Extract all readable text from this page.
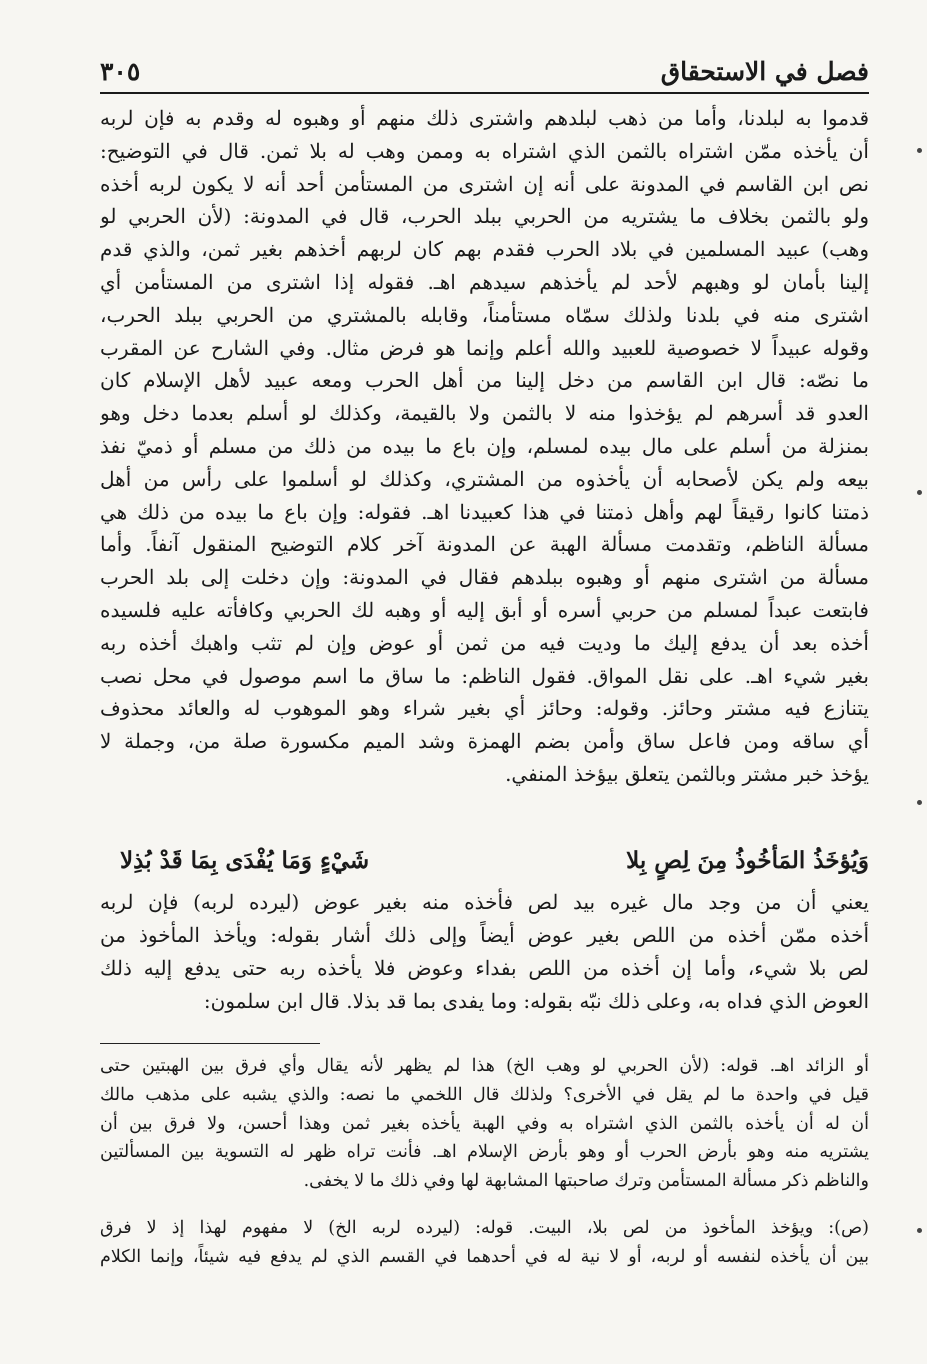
فصل في الاستحقاق
٣٠٥
قدموا به لبلدنا، وأما من ذهب لبلدهم واشترى ذلك منهم أو وهبوه له وقدم به فإن لربه
أن يأخذه ممّن اشتراه بالثمن الذي اشتراه به وممن وهب له بلا ثمن. قال في التوضيح:
نص ابن القاسم في المدونة على أنه إن اشترى من المستأمن أحد أنه لا يكون لربه أخذه
ولو بالثمن بخلاف ما يشتريه من الحربي ببلد الحرب، قال في المدونة: (لأن الحربي لو
وهب) عبيد المسلمين في بلاد الحرب فقدم بهم كان لربهم أخذهم بغير ثمن، والذي قدم
إلينا بأمان لو وهبهم لأحد لم يأخذهم سيدهم اهـ. فقوله إذا اشترى من المستأمن أي
اشترى منه في بلدنا ولذلك سمّاه مستأمناً، وقابله بالمشتري من الحربي ببلد الحرب،
وقوله عبيداً لا خصوصية للعبيد والله أعلم وإنما هو فرض مثال. وفي الشارح عن المقرب
ما نصّه: قال ابن القاسم من دخل إلينا من أهل الحرب ومعه عبيد لأهل الإسلام كان
العدو قد أسرهم لم يؤخذوا منه لا بالثمن ولا بالقيمة، وكذلك لو أسلم بعدما دخل وهو
بمنزلة من أسلم على مال بيده لمسلم، وإن باع ما بيده من ذلك من مسلم أو ذميّ نفذ
بيعه ولم يكن لأصحابه أن يأخذوه من المشتري، وكذلك لو أسلموا على رأس من أهل
ذمتنا كانوا رقيقاً لهم وأهل ذمتنا في هذا كعبيدنا اهـ. فقوله: وإن باع ما بيده من ذلك هي
مسألة الناظم، وتقدمت مسألة الهبة عن المدونة آخر كلام التوضيح المنقول آنفاً. وأما
مسألة من اشترى منهم أو وهبوه ببلدهم فقال في المدونة: وإن دخلت إلى بلد الحرب
فابتعت عبداً لمسلم من حربي أسره أو أبق إليه أو وهبه لك الحربي وكافأته عليه فلسيده
أخذه بعد أن يدفع إليك ما وديت فيه من ثمن أو عوض وإن لم تثب واهبك أخذه ربه
بغير شيء اهـ. على نقل المواق. فقول الناظم: ما ساق ما اسم موصول في محل نصب
يتنازع فيه مشتر وحائز. وقوله: وحائز أي بغير شراء وهو الموهوب له والعائد محذوف
أي ساقه ومن فاعل ساق وأمن بضم الهمزة وشد الميم مكسورة صلة من، وجملة لا
يؤخذ خبر مشتر وبالثمن يتعلق بيؤخذ المنفي.
وَيُؤخَذُ المَأخُوذُ مِنَ لِصٍ بِلا
شَيْءٍ وَمَا يُفْدَى بِمَا قَدْ بُذِلا
يعني أن من وجد مال غيره بيد لص فأخذه منه بغير عوض (ليرده لربه) فإن لربه
أخذه ممّن أخذه من اللص بغير عوض أيضاً وإلى ذلك أشار بقوله: ويأخذ المأخوذ من
لص بلا شيء، وأما إن أخذه من اللص بفداء وعوض فلا يأخذه ربه حتى يدفع إليه ذلك
العوض الذي فداه به، وعلى ذلك نبّه بقوله: وما يفدى بما قد بذلا. قال ابن سلمون:
أو الزائد اهـ. قوله: (لأن الحربي لو وهب الخ) هذا لم يظهر لأنه يقال وأي فرق بين الهبتين حتى
قيل في واحدة ما لم يقل في الأخرى؟ ولذلك قال اللخمي ما نصه: والذي يشبه على مذهب مالك
أن له أن يأخذه بالثمن الذي اشتراه به وفي الهبة يأخذه بغير ثمن وهذا أحسن، ولا فرق بين أن
يشتريه منه وهو بأرض الحرب أو وهو بأرض الإسلام اهـ. فأنت تراه ظهر له التسوية بين المسألتين
والناظم ذكر مسألة المستأمن وترك صاحبتها المشابهة لها وفي ذلك ما لا يخفى.
(ص): ويؤخذ المأخوذ من لص بلا، البيت. قوله: (ليرده لربه الخ) لا مفهوم لهذا إذ لا فرق
بين أن يأخذه لنفسه أو لربه، أو لا نية له في أحدهما في القسم الذي لم يدفع فيه شيئاً، وإنما الكلام
